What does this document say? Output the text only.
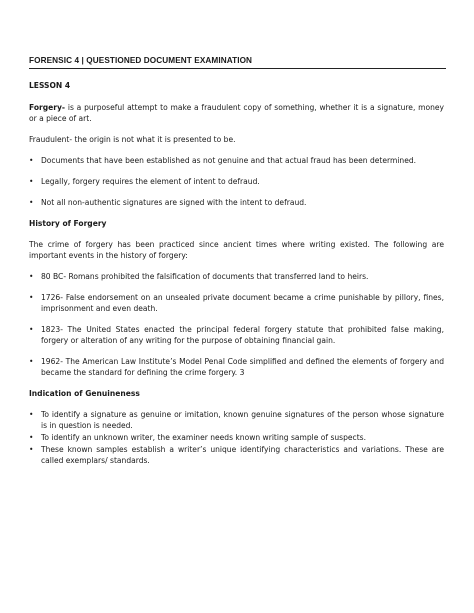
FORENSIC 4 | QUESTIONED DOCUMENT EXAMINATION

LESSON 4

Forgery- is a purposeful attempt to make a fraudulent copy of something, whether it is a signature, money or a piece of art.

Fraudulent- the origin is not what it is presented to be.

• Documents that have been established as not genuine and that actual fraud has been determined.
• Legally, forgery requires the element of intent to defraud.
• Not all non-authentic signatures are signed with the intent to defraud.

History of Forgery

The crime of forgery has been practiced since ancient times where writing existed. The following are important events in the history of forgery:

• 80 BC- Romans prohibited the falsification of documents that transferred land to heirs.
• 1726- False endorsement on an unsealed private document became a crime punishable by pillory, fines, imprisonment and even death.
• 1823- The United States enacted the principal federal forgery statute that prohibited false making, forgery or alteration of any writing for the purpose of obtaining financial gain.
• 1962- The American Law Institute’s Model Penal Code simplified and defined the elements of forgery and became the standard for defining the crime forgery. 3

Indication of Genuineness

• To identify a signature as genuine or imitation, known genuine signatures of the person whose signature is in question is needed.
• To identify an unknown writer, the examiner needs known writing sample of suspects.
• These known samples establish a writer’s unique identifying characteristics and variations. These are called exemplars/ standards.
